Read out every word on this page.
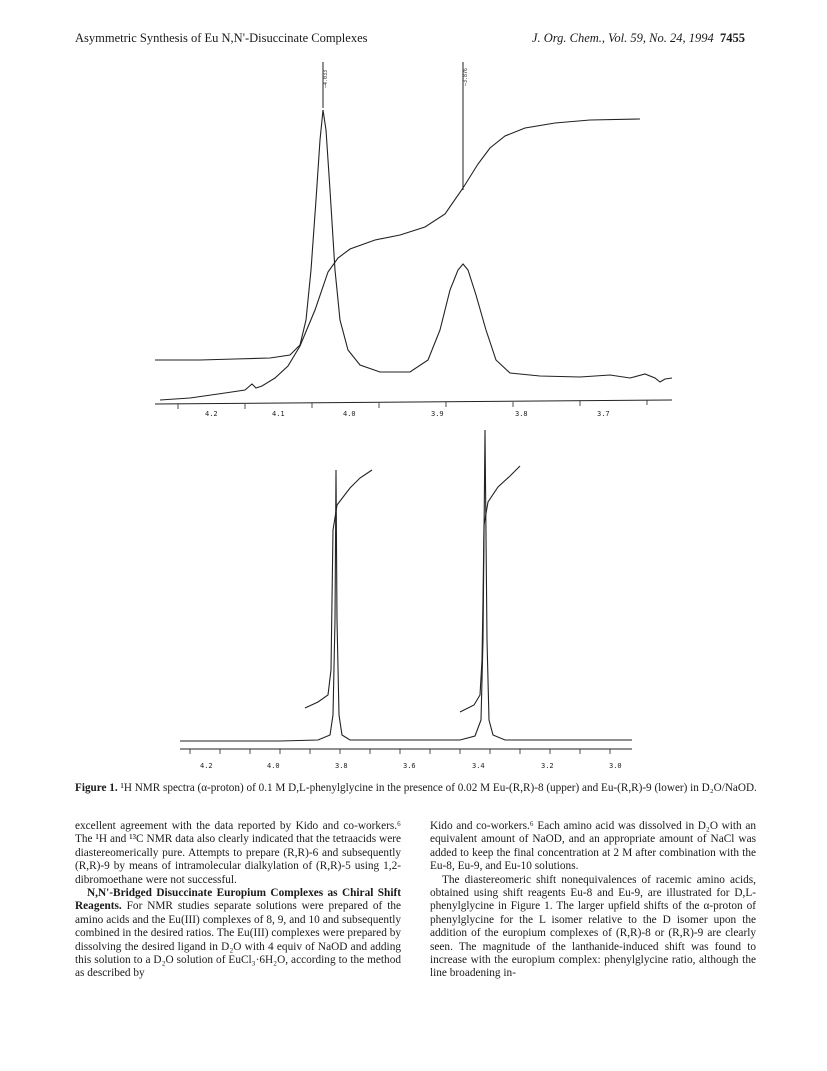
Asymmetric Synthesis of Eu N,N'-Disuccinate Complexes	J. Org. Chem., Vol. 59, No. 24, 1994 7455
—4.033	—3.876
4.2	4.1	4.0	3.9	3.8	3.7
4.2	4.0	3.8	3.6	3.4	3.2	3.0
Figure 1. ¹H NMR spectra (α-proton) of 0.1 M D,L-phenylglycine in the presence of 0.02 M Eu-(R,R)-8 (upper) and Eu-(R,R)-9 (lower) in D₂O/NaOD.

excellent agreement with the data reported by Kido and co-workers.⁶ The ¹H and ¹³C NMR data also clearly indicated that the tetraacids were diastereomerically pure. Attempts to prepare (R,R)-6 and subsequently (R,R)-9 by means of intramolecular dialkylation of (R,R)-5 using 1,2-dibromoethane were not successful.

N,N'-Bridged Disuccinate Europium Complexes as Chiral Shift Reagents. For NMR studies separate solutions were prepared of the amino acids and the Eu(III) complexes of 8, 9, and 10 and subsequently combined in the desired ratios. The Eu(III) complexes were prepared by dissolving the desired ligand in D₂O with 4 equiv of NaOD and adding this solution to a D₂O solution of EuCl₃·6H₂O, according to the method as described by

Kido and co-workers.⁶ Each amino acid was dissolved in D₂O with an equivalent amount of NaOD, and an appropriate amount of NaCl was added to keep the final concentration at 2 M after combination with the Eu-8, Eu-9, and Eu-10 solutions.

The diastereomeric shift nonequivalences of racemic amino acids, obtained using shift reagents Eu-8 and Eu-9, are illustrated for D,L-phenylglycine in Figure 1. The larger upfield shifts of the α-proton of phenylglycine for the L isomer relative to the D isomer upon the addition of the europium complexes of (R,R)-8 or (R,R)-9 are clearly seen. The magnitude of the lanthanide-induced shift was found to increase with the europium complex: phenylglycine ratio, although the line broadening in-
